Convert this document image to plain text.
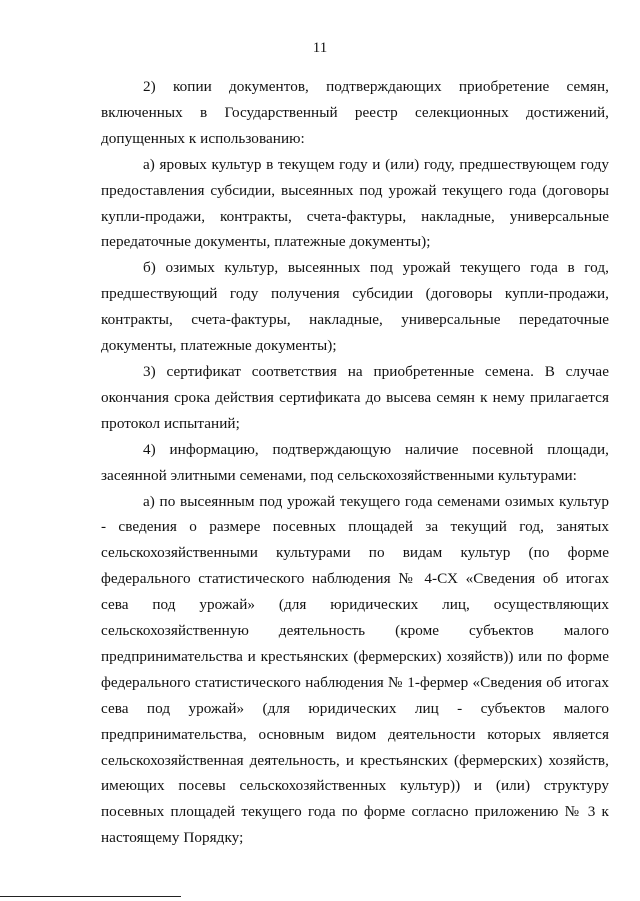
11

2) копии документов, подтверждающих приобретение семян, включенных в Государственный реестр селекционных достижений, допущенных к использованию:

а) яровых культур в текущем году и (или) году, предшествующем году предоставления субсидии, высеянных под урожай текущего года (договоры купли-продажи, контракты, счета-фактуры, накладные, универсальные передаточные документы, платежные документы);

б) озимых культур, высеянных под урожай текущего года в год, предшествующий году получения субсидии (договоры купли-продажи, контракты, счета-фактуры, накладные, универсальные передаточные документы, платежные документы);

3) сертификат соответствия на приобретенные семена. В случае окончания срока действия сертификата до высева семян к нему прилагается протокол испытаний;

4) информацию, подтверждающую наличие посевной площади, засеянной элитными семенами, под сельскохозяйственными культурами:

а) по высеянным под урожай текущего года семенами озимых культур - сведения о размере посевных площадей за текущий год, занятых сельскохозяйственными культурами по видам культур (по форме федерального статистического наблюдения № 4-СХ «Сведения об итогах сева под урожай» (для юридических лиц, осуществляющих сельскохозяйственную деятельность (кроме субъектов малого предпринимательства и крестьянских (фермерских) хозяйств)) или по форме федерального статистического наблюдения № 1-фермер «Сведения об итогах сева под урожай» (для юридических лиц - субъектов малого предпринимательства, основным видом деятельности которых является сельскохозяйственная деятельность, и крестьянских (фермерских) хозяйств, имеющих посевы сельскохозяйственных культур)) и (или) структуру посевных площадей текущего года по форме согласно приложению № 3 к настоящему Порядку;
